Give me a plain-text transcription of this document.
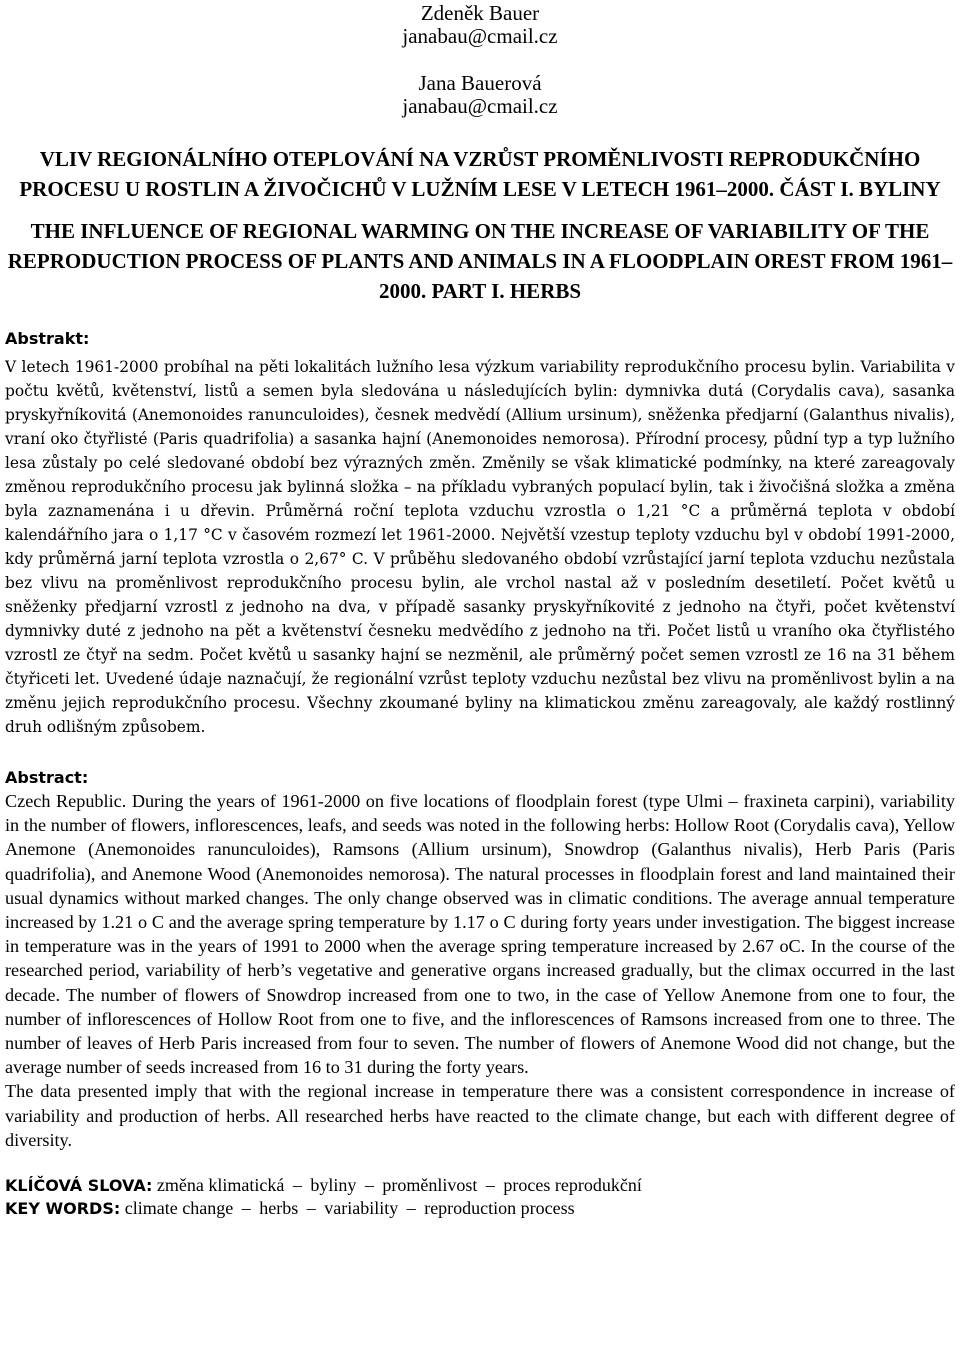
Zdeněk Bauer
janabau@cmail.cz
Jana Bauerová
janabau@cmail.cz
VLIV REGIONÁLNÍHO OTEPLOVÁNÍ NA VZRŮST PROMĚNLIVOSTI REPRODUKČNÍHO PROCESU U ROSTLIN A ŽIVOČICHŮ V LUŽNÍM LESE V LETECH 1961–2000. ČÁST I. BYLINY
THE INFLUENCE OF REGIONAL WARMING ON THE INCREASE OF VARIABILITY OF THE REPRODUCTION PROCESS OF PLANTS AND ANIMALS IN A FLOODPLAIN OREST FROM 1961–2000. PART I. HERBS
Abstrakt:

V letech 1961-2000 probíhal na pěti lokalitách lužního lesa výzkum variability reprodukčního procesu bylin. Variabilita v počtu květů, květenství, listů a semen byla sledována u následujících bylin: dymnivka dutá (Corydalis cava), sasanka pryskyřníkovitá (Anemonoides ranunculoides), česnek medvědí (Allium ursinum), sněženka předjarní (Galanthus nivalis), vraní oko čtyřlisté (Paris quadrifolia) a sasanka hajní (Anemonoides nemorosa). Přírodní procesy, půdní typ a typ lužního lesa zůstaly po celé sledované období bez výrazných změn. Změnily se však klimatické podmínky, na které zareagovaly změnou reprodukčního procesu jak bylinná složka – na příkladu vybraných populací bylin, tak i živočišná složka a změna byla zaznamenána i u dřevin. Průměrná roční teplota vzduchu vzrostla o 1,21 °C a průměrná teplota v období kalendářního jara o 1,17 °C v časovém rozmezí let 1961-2000. Největší vzestup teploty vzduchu byl v období 1991-2000, kdy průměrná jarní teplota vzrostla o 2,67° C. V průběhu sledovaného období vzrůstající jarní teplota vzduchu nezůstala bez vlivu na proměnlivost reprodukčního procesu bylin, ale vrchol nastal až v posledním desetiletí. Počet květů u sněženky předjarní vzrostl z jednoho na dva, v případě sasanky pryskyřníkovité z jednoho na čtyři, počet květenství dymnivky duté z jednoho na pět a květenství česneku medvědího z jednoho na tři. Počet listů u vraního oka čtyřlistého vzrostl ze čtyř na sedm. Počet květů u sasanky hajní se nezměnil, ale průměrný počet semen vzrostl ze 16 na 31 během čtyřiceti let. Uvedené údaje naznačují, že regionální vzrůst teploty vzduchu nezůstal bez vlivu na proměnlivost bylin a na změnu jejich reprodukčního procesu. Všechny zkoumané byliny na klimatickou změnu zareagovaly, ale každý rostlinný druh odlišným způsobem.

Abstract:

Czech Republic. During the years of 1961-2000 on five locations of floodplain forest (type Ulmi – fraxineta carpini), variability in the number of flowers, inflorescences, leafs, and seeds was noted in the following herbs: Hollow Root (Corydalis cava), Yellow Anemone (Anemonoides ranunculoides), Ramsons (Allium ursinum), Snowdrop (Galanthus nivalis), Herb Paris (Paris quadrifolia), and Anemone Wood (Anemonoides nemorosa). The natural processes in floodplain forest and land maintained their usual dynamics without marked changes. The only change observed was in climatic conditions. The average annual temperature increased by 1.21 o C and the average spring temperature by 1.17 o C during forty years under investigation. The biggest increase in temperature was in the years of 1991 to 2000 when the average spring temperature increased by 2.67 oC. In the course of the researched period, variability of herb’s vegetative and generative organs increased gradually, but the climax occurred in the last decade. The number of flowers of Snowdrop increased from one to two, in the case of Yellow Anemone from one to four, the number of inflorescences of Hollow Root from one to five, and the inflorescences of Ramsons increased from one to three. The number of leaves of Herb Paris increased from four to seven. The number of flowers of Anemone Wood did not change, but the average number of seeds increased from 16 to 31 during the forty years.

The data presented imply that with the regional increase in temperature there was a consistent correspondence in increase of variability and production of herbs. All researched herbs have reacted to the climate change, but each with different degree of diversity.

KLÍČOVÁ SLOVA: změna klimatická – byliny – proměnlivost – proces reprodukční
KEY WORDS: climate change – herbs – variability – reproduction process
